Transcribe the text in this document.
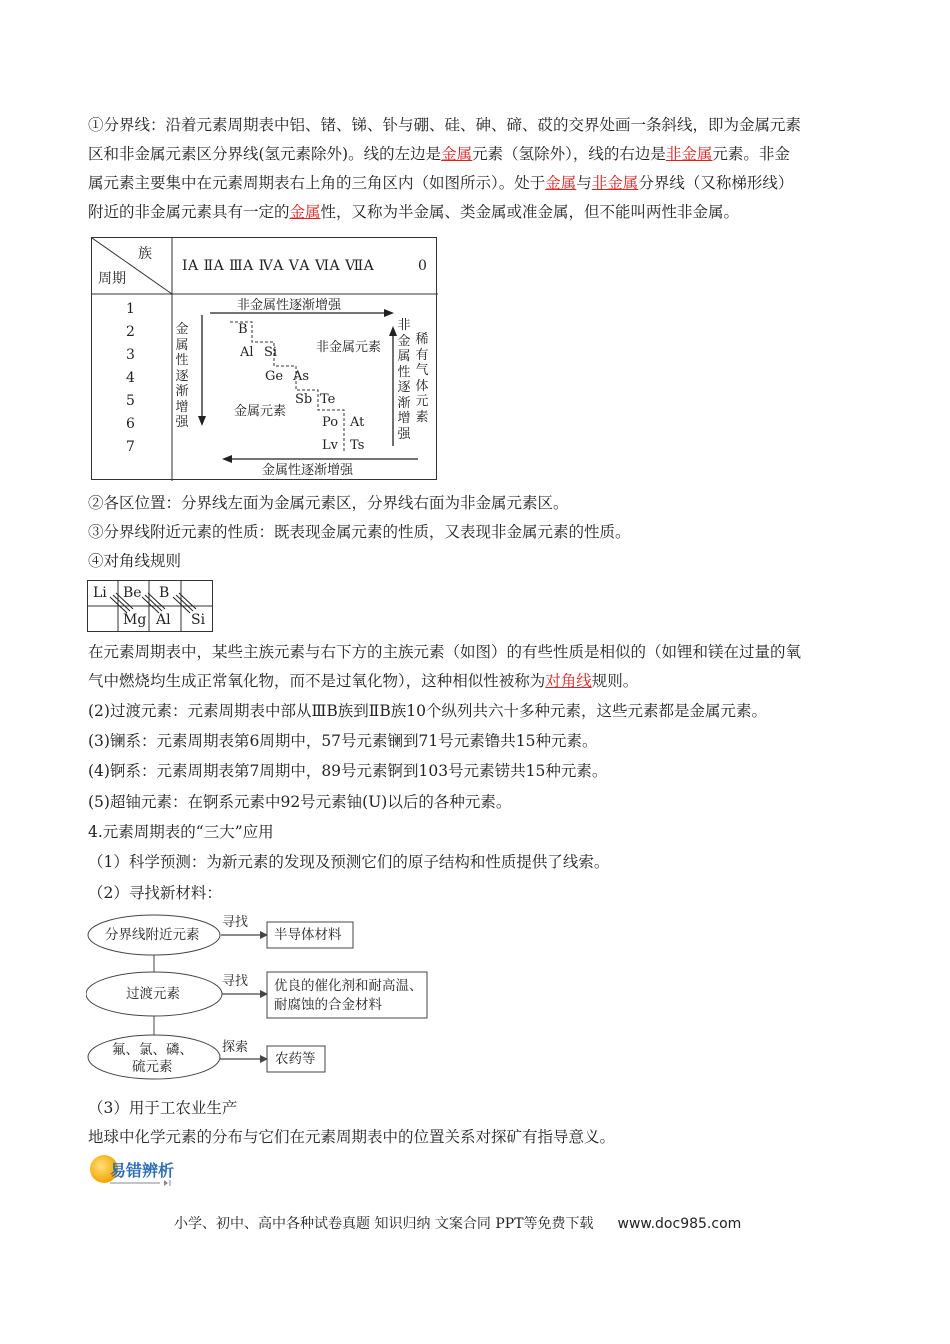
①分界线：沿着元素周期表中铝、锗、锑、钋与硼、硅、砷、碲、砹的交界处画一条斜线，即为金属元素
区和非金属元素区分界线(氢元素除外)。线的左边是金属元素（氢除外），线的右边是非金属元素。非金
属元素主要集中在元素周期表右上角的三角区内（如图所示）。处于金属与非金属分界线（又称梯形线）
附近的非金属元素具有一定的金属性，又称为半金属、类金属或准金属，但不能叫两性非金属。
族
周期
ⅠA ⅡA ⅢA ⅣA ⅤA ⅥA ⅦA	0
1
2
3
4
5
6
7
非金属性逐渐增强
金属性逐渐增强
金属性逐渐增强
非金属性逐渐增强
稀有气体元素
非金属元素
金属元素
B
Al Si
Ge As
Sb Te
Po At
Lv Ts
②各区位置：分界线左面为金属元素区，分界线右面为非金属元素区。
③分界线附近元素的性质：既表现金属元素的性质，又表现非金属元素的性质。
④对角线规则
Li Be B
Mg Al Si
在元素周期表中，某些主族元素与右下方的主族元素（如图）的有些性质是相似的（如锂和镁在过量的氧
气中燃烧均生成正常氧化物，而不是过氧化物），这种相似性被称为对角线规则。
(2)过渡元素：元素周期表中部从ⅢB族到ⅡB族10个纵列共六十多种元素，这些元素都是金属元素。
(3)镧系：元素周期表第6周期中，57号元素镧到71号元素镥共15种元素。
(4)锕系：元素周期表第7周期中，89号元素锕到103号元素铹共15种元素。
(5)超铀元素：在锕系元素中92号元素铀(U)以后的各种元素。
4.元素周期表的“三大”应用
（1）科学预测：为新元素的发现及预测它们的原子结构和性质提供了线索。
（2）寻找新材料：
分界线附近元素
过渡元素
氟、氯、磷、
硫元素
寻找
寻找
探索
半导体材料
优良的催化剂和耐高温、
耐腐蚀的合金材料
农药等
（3）用于工农业生产
地球中化学元素的分布与它们在元素周期表中的位置关系对探矿有指导意义。
易错辨析
小学、初中、高中各种试卷真题 知识归纳 文案合同 PPT等免费下载 www.doc985.com
